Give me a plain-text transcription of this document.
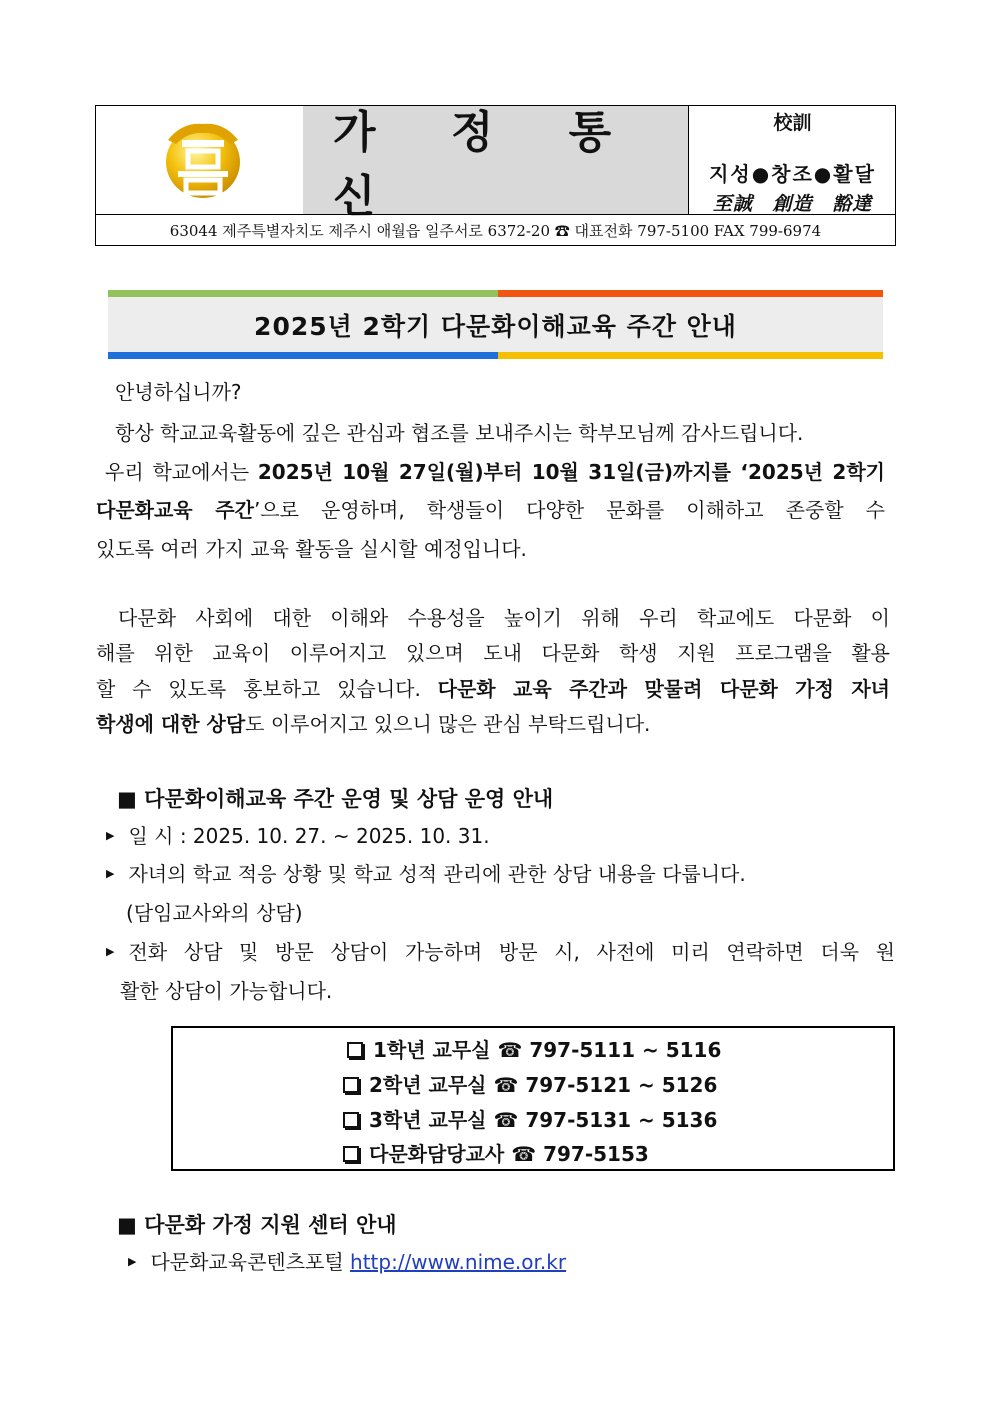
가 정 통 신
校訓
지성●창조●활달
至誠 創造 豁達
63044 제주특별자치도 제주시 애월읍 일주서로 6372-20 ☎ 대표전화 797-5100 FAX 799-6974
2025년 2학기 다문화이해교육 주간 안내
안녕하십니까?
항상 학교교육활동에 깊은 관심과 협조를 보내주시는 학부모님께 감사드립니다.
우리 학교에서는 2025년 10월 27일(월)부터 10월 31일(금)까지를 ‘2025년 2학기
다문화교육 주간’으로 운영하며, 학생들이 다양한 문화를 이해하고 존중할 수
있도록 여러 가지 교육 활동을 실시할 예정입니다.
다문화 사회에 대한 이해와 수용성을 높이기 위해 우리 학교에도 다문화 이
해를 위한 교육이 이루어지고 있으며 도내 다문화 학생 지원 프로그램을 활용
할 수 있도록 홍보하고 있습니다. 다문화 교육 주간과 맞물려 다문화 가정 자녀
학생에 대한 상담도 이루어지고 있으니 많은 관심 부탁드립니다.
■ 다문화이해교육 주간 운영 및 상담 운영 안내
▶ 일 시 : 2025. 10. 27. ~ 2025. 10. 31.
▶ 자녀의 학교 적응 상황 및 학교 성적 관리에 관한 상담 내용을 다룹니다.
(담임교사와의 상담)
▶ 전화 상담 및 방문 상담이 가능하며 방문 시, 사전에 미리 연락하면 더욱 원
활한 상담이 가능합니다.
1학년 교무실 ☎ 797-5111 ~ 5116
2학년 교무실 ☎ 797-5121 ~ 5126
3학년 교무실 ☎ 797-5131 ~ 5136
다문화담당교사 ☎ 797-5153
■ 다문화 가정 지원 센터 안내
▶ 다문화교육콘텐츠포털 http://www.nime.or.kr
